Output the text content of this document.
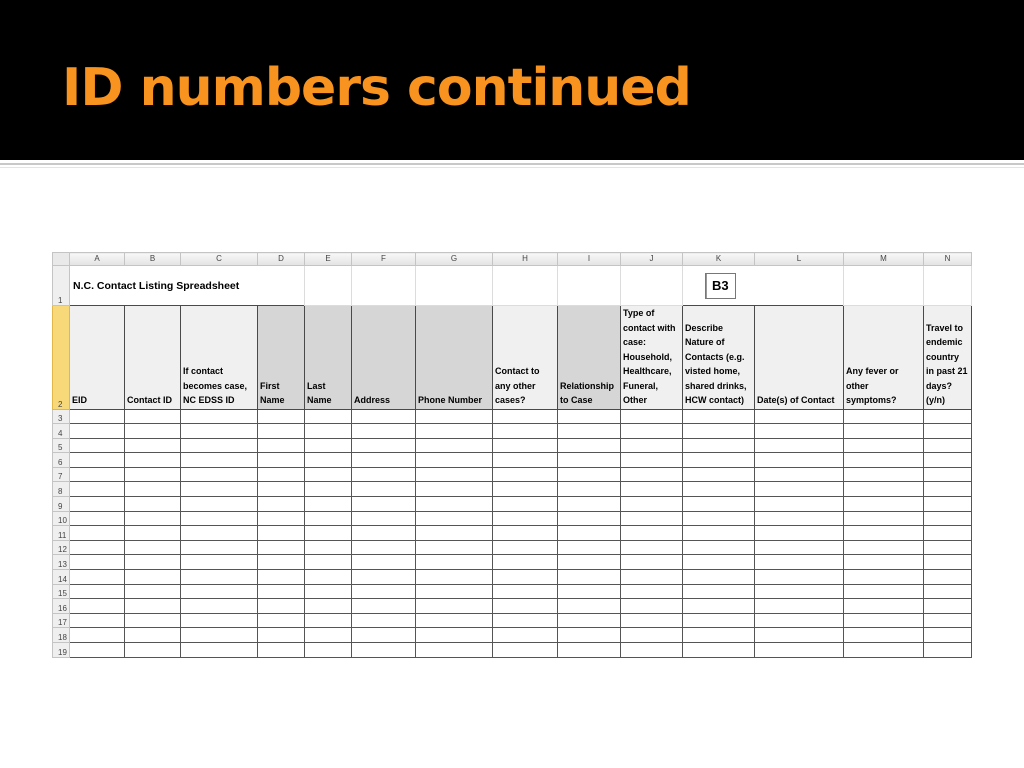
ID numbers continued
	A	B	C	D	E	F	G	H	I	J	K	L	M	N
1	N.C. Contact Listing Spreadsheet										B3			
2	EID	Contact ID	If contact becomes case, NC EDSS ID	First Name	Last Name	Address	Phone Number	Contact to any other cases?	Relationship to Case	Type of contact with case: Household, Healthcare, Funeral, Other	Describe Nature of Contacts (e.g. visted home, shared drinks, HCW contact)	Date(s) of Contact	Any fever or other symptoms?	Travel to endemic country in past 21 days? (y/n)
3														
4														
5														
6														
7														
8														
9														
10														
11														
12														
13														
14														
15														
16														
17														
18														
19														
